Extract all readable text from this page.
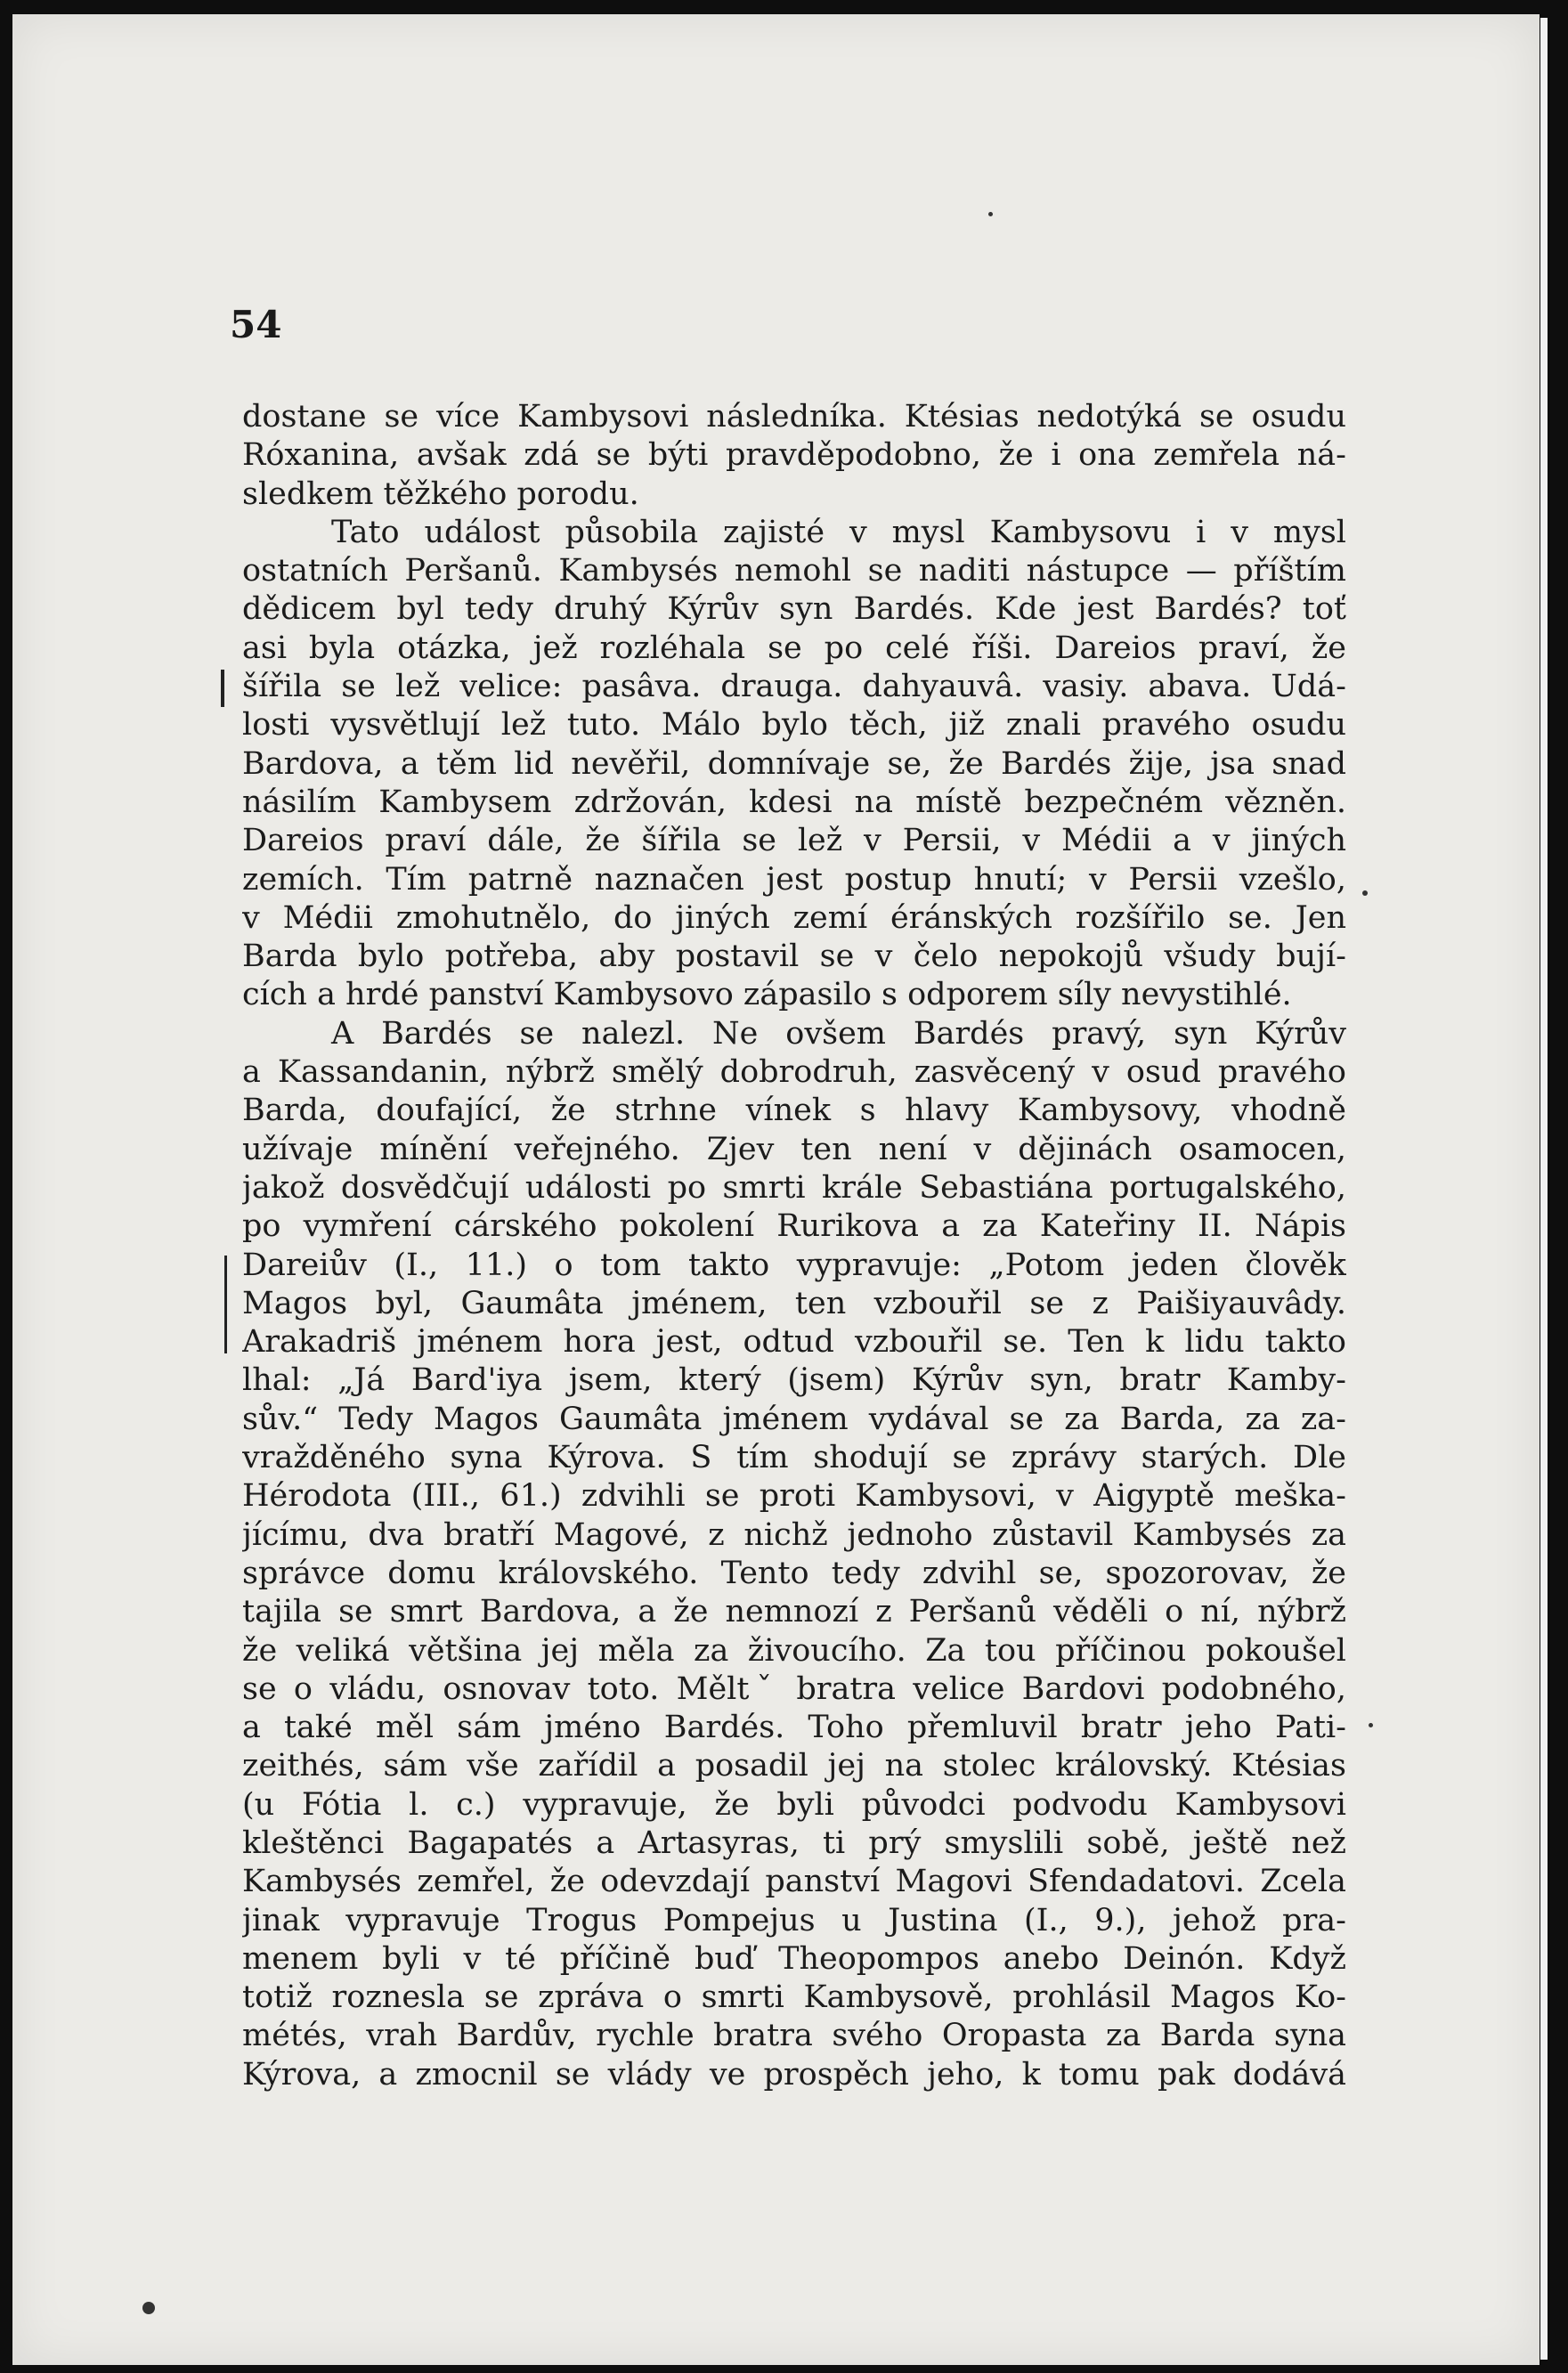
54
dostane se více Kambysovi následníka. Ktésias nedotýká se osudu
Róxanina, avšak zdá se býti pravděpodobno, že i ona zemřela ná-
sledkem těžkého porodu.
Tato událost působila zajisté v mysl Kambysovu i v mysl
ostatních Peršanů. Kambysés nemohl se naditi nástupce — příštím
dědicem byl tedy druhý Kýrův syn Bardés. Kde jest Bardés? toť
asi byla otázka, jež rozléhala se po celé říši. Dareios praví, že
šířila se lež velice: pasâva. drauga. dahyauvâ. vasiy. abava. Udá-
losti vysvětlují lež tuto. Málo bylo těch, již znali pravého osudu
Bardova, a těm lid nevěřil, domnívaje se, že Bardés žije, jsa snad
násilím Kambysem zdržován, kdesi na místě bezpečném vězněn.
Dareios praví dále, že šířila se lež v Persii, v Médii a v jiných
zemích. Tím patrně naznačen jest postup hnutí; v Persii vzešlo,
v Médii zmohutnělo, do jiných zemí éránských rozšířilo se. Jen
Barda bylo potřeba, aby postavil se v čelo nepokojů všudy bují-
cích a hrdé panství Kambysovo zápasilo s odporem síly nevystihlé.
A Bardés se nalezl. Ne ovšem Bardés pravý, syn Kýrův
a Kassandanin, nýbrž smělý dobrodruh, zasvěcený v osud pravého
Barda, doufající, že strhne vínek s hlavy Kambysovy, vhodně
užívaje mínění veřejného. Zjev ten není v dějinách osamocen,
jakož dosvědčují události po smrti krále Sebastiána portugalského,
po vymření cárského pokolení Rurikova a za Kateřiny II. Nápis
Dareiův (I., 11.) o tom takto vypravuje: „Potom jeden člověk
Magos byl, Gaumâta jménem, ten vzbouřil se z Paišiyauvâdy.
Arakadriš jménem hora jest, odtud vzbouřil se. Ten k lidu takto
lhal: „Já Bard'iya jsem, který (jsem) Kýrův syn, bratr Kamby-
sův.“ Tedy Magos Gaumâta jménem vydával se za Barda, za za-
vražděného syna Kýrova. S tím shodují se zprávy starých. Dle
Hérodota (III., 61.) zdvihli se proti Kambysovi, v Aigyptě meška-
jícímu, dva bratří Magové, z nichž jednoho zůstavil Kambysés za
správce domu královského. Tento tedy zdvihl se, spozorovav, že
tajila se smrt Bardova, a že nemnozí z Peršanů věděli o ní, nýbrž
že veliká většina jej měla za živoucího. Za tou příčinou pokoušel
se o vládu, osnovav toto. Měltˇ bratra velice Bardovi podobného,
a také měl sám jméno Bardés. Toho přemluvil bratr jeho Pati-
zeithés, sám vše zařídil a posadil jej na stolec královský. Ktésias
(u Fótia l. c.) vypravuje, že byli původci podvodu Kambysovi
kleštěnci Bagapatés a Artasyras, ti prý smyslili sobě, ještě než
Kambysés zemřel, že odevzdají panství Magovi Sfendadatovi. Zcela
jinak vypravuje Trogus Pompejus u Justina (I., 9.), jehož pra-
menem byli v té příčině buď Theopompos anebo Deinón. Když
totiž roznesla se zpráva o smrti Kambysově, prohlásil Magos Ko-
métés, vrah Bardův, rychle bratra svého Oropasta za Barda syna
Kýrova, a zmocnil se vlády ve prospěch jeho, k tomu pak dodává
